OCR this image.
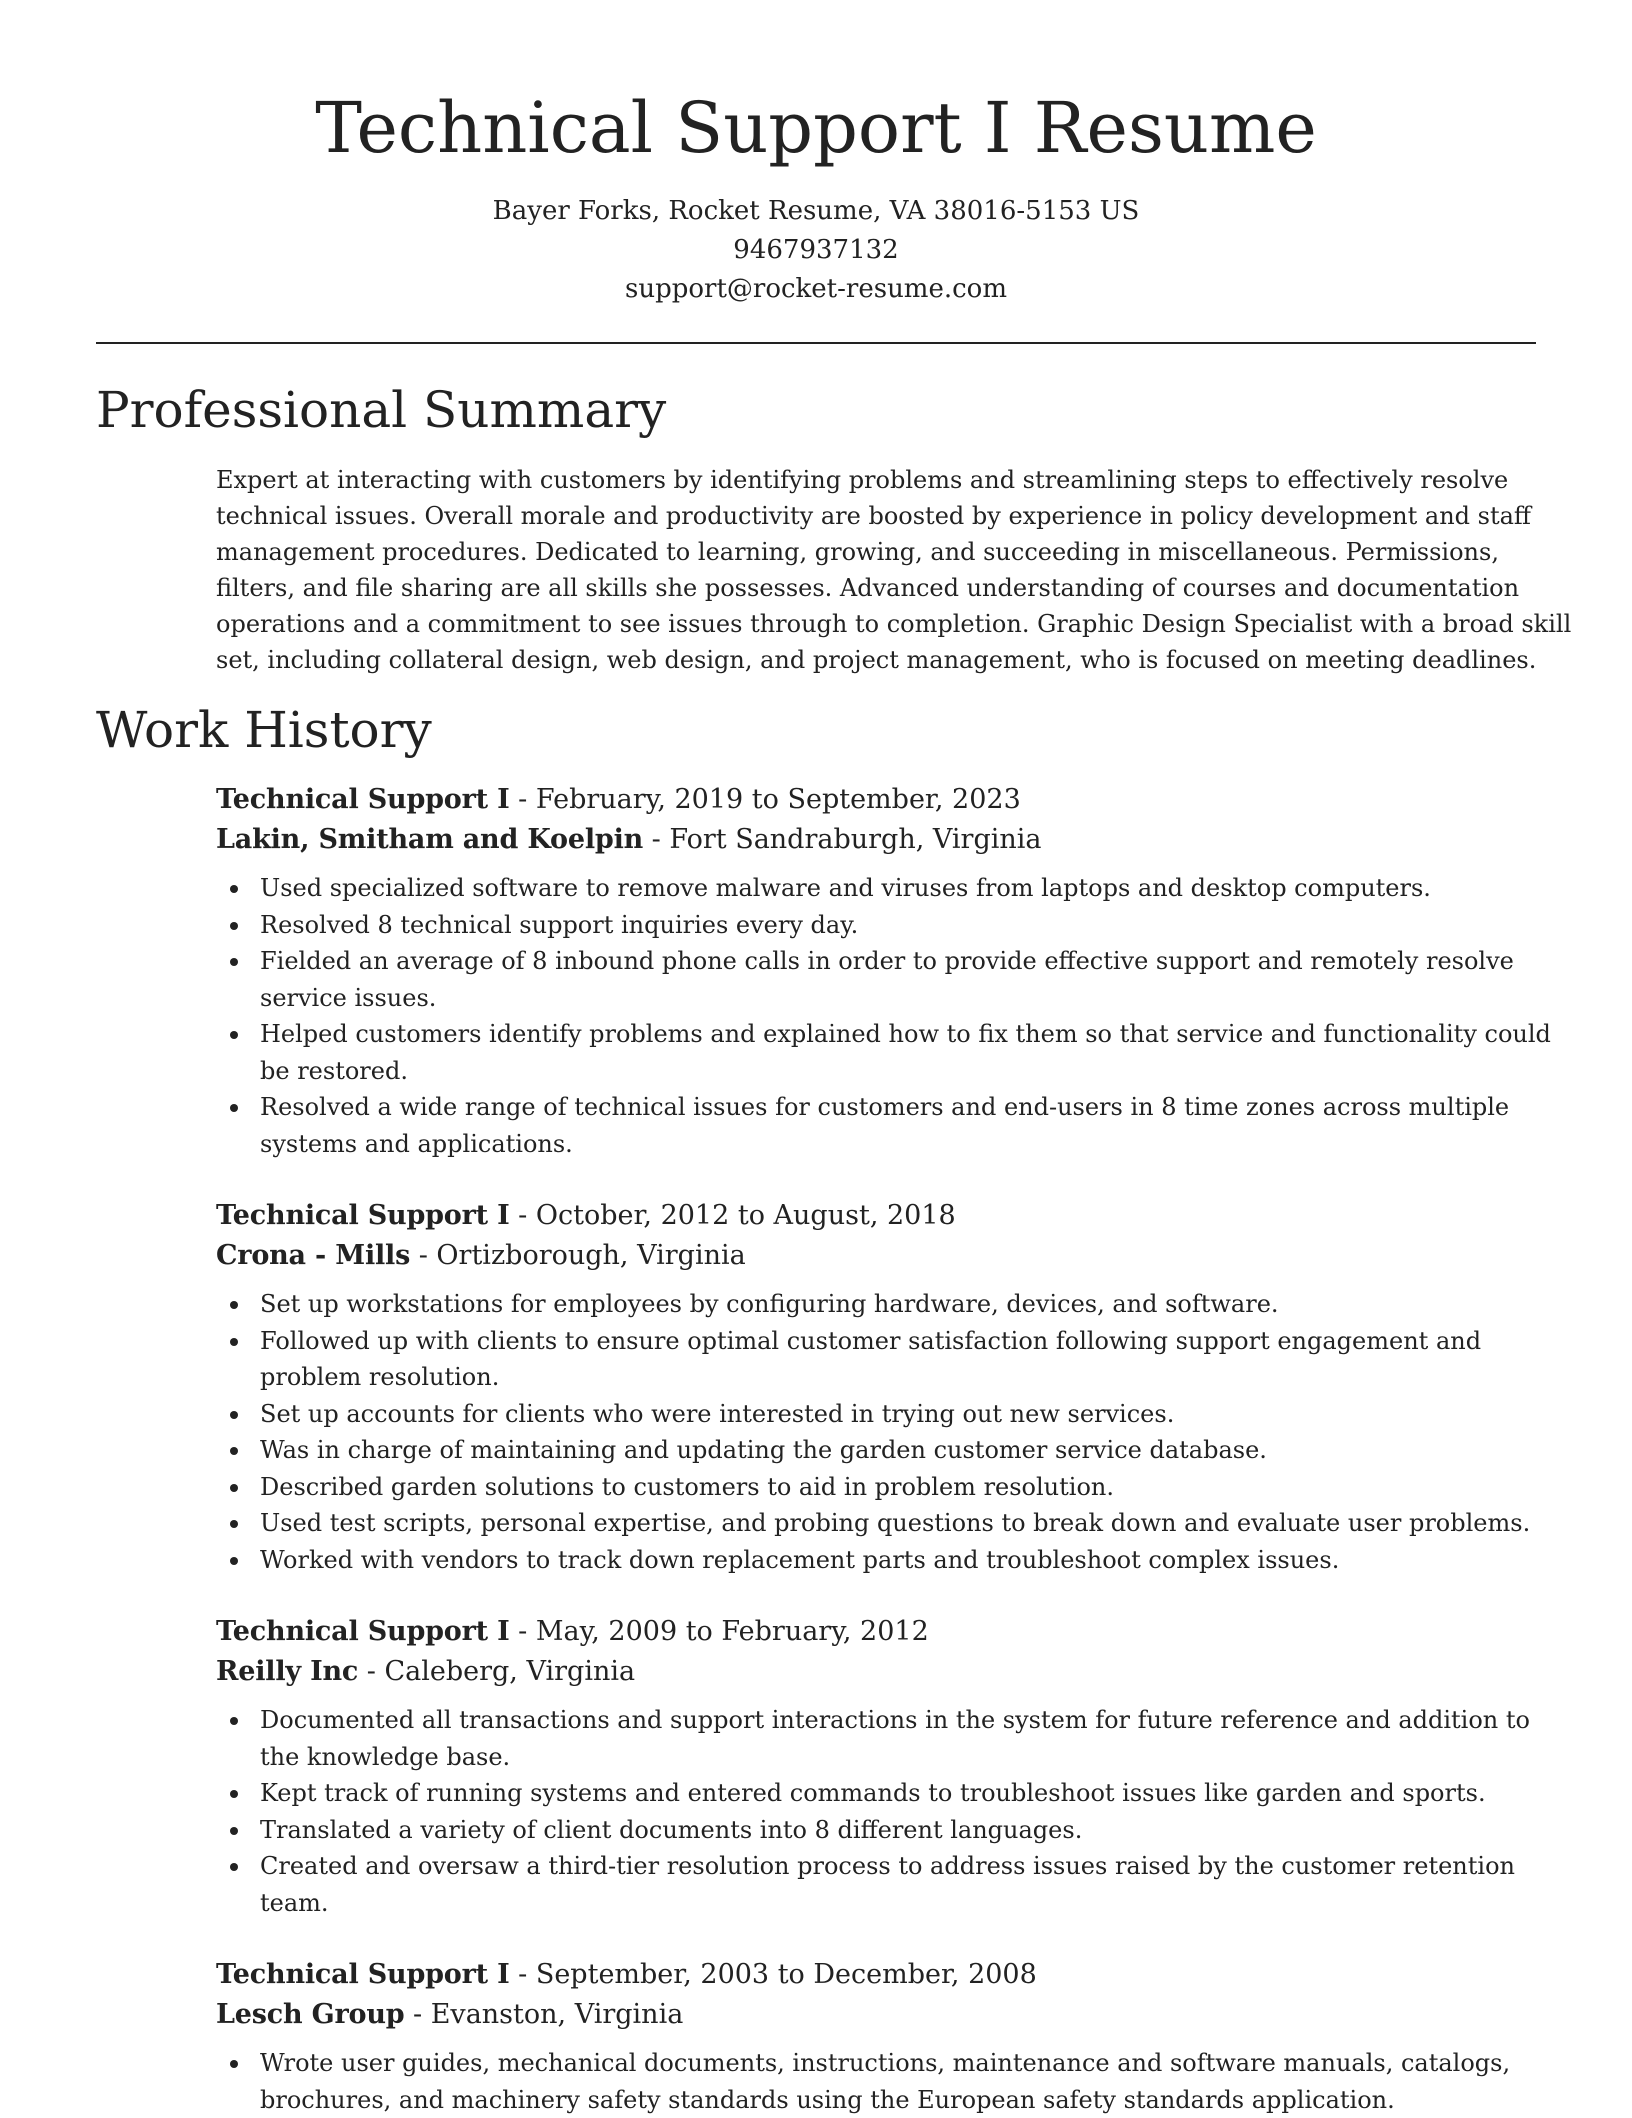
Technical Support I Resume
Bayer Forks, Rocket Resume, VA 38016-5153 US
9467937132
support@rocket-resume.com
Professional Summary

Expert at interacting with customers by identifying problems and streamlining steps to effectively resolve
technical issues. Overall morale and productivity are boosted by experience in policy development and staff
management procedures. Dedicated to learning, growing, and succeeding in miscellaneous. Permissions,
filters, and file sharing are all skills she possesses. Advanced understanding of courses and documentation
operations and a commitment to see issues through to completion. Graphic Design Specialist with a broad skill
set, including collateral design, web design, and project management, who is focused on meeting deadlines.

Work History
Technical Support I - February, 2019 to September, 2023
Lakin, Smitham and Koelpin - Fort Sandraburgh, Virginia
Used specialized software to remove malware and viruses from laptops and desktop computers.
Resolved 8 technical support inquiries every day.
Fielded an average of 8 inbound phone calls in order to provide effective support and remotely resolve
service issues.
Helped customers identify problems and explained how to fix them so that service and functionality could
be restored.
Resolved a wide range of technical issues for customers and end-users in 8 time zones across multiple
systems and applications.
Technical Support I - October, 2012 to August, 2018
Crona - Mills - Ortizborough, Virginia
Set up workstations for employees by configuring hardware, devices, and software.
Followed up with clients to ensure optimal customer satisfaction following support engagement and
problem resolution.
Set up accounts for clients who were interested in trying out new services.
Was in charge of maintaining and updating the garden customer service database.
Described garden solutions to customers to aid in problem resolution.
Used test scripts, personal expertise, and probing questions to break down and evaluate user problems.
Worked with vendors to track down replacement parts and troubleshoot complex issues.
Technical Support I - May, 2009 to February, 2012
Reilly Inc - Caleberg, Virginia
Documented all transactions and support interactions in the system for future reference and addition to
the knowledge base.
Kept track of running systems and entered commands to troubleshoot issues like garden and sports.
Translated a variety of client documents into 8 different languages.
Created and oversaw a third-tier resolution process to address issues raised by the customer retention
team.
Technical Support I - September, 2003 to December, 2008
Lesch Group - Evanston, Virginia
Wrote user guides, mechanical documents, instructions, maintenance and software manuals, catalogs,
brochures, and machinery safety standards using the European safety standards application.
